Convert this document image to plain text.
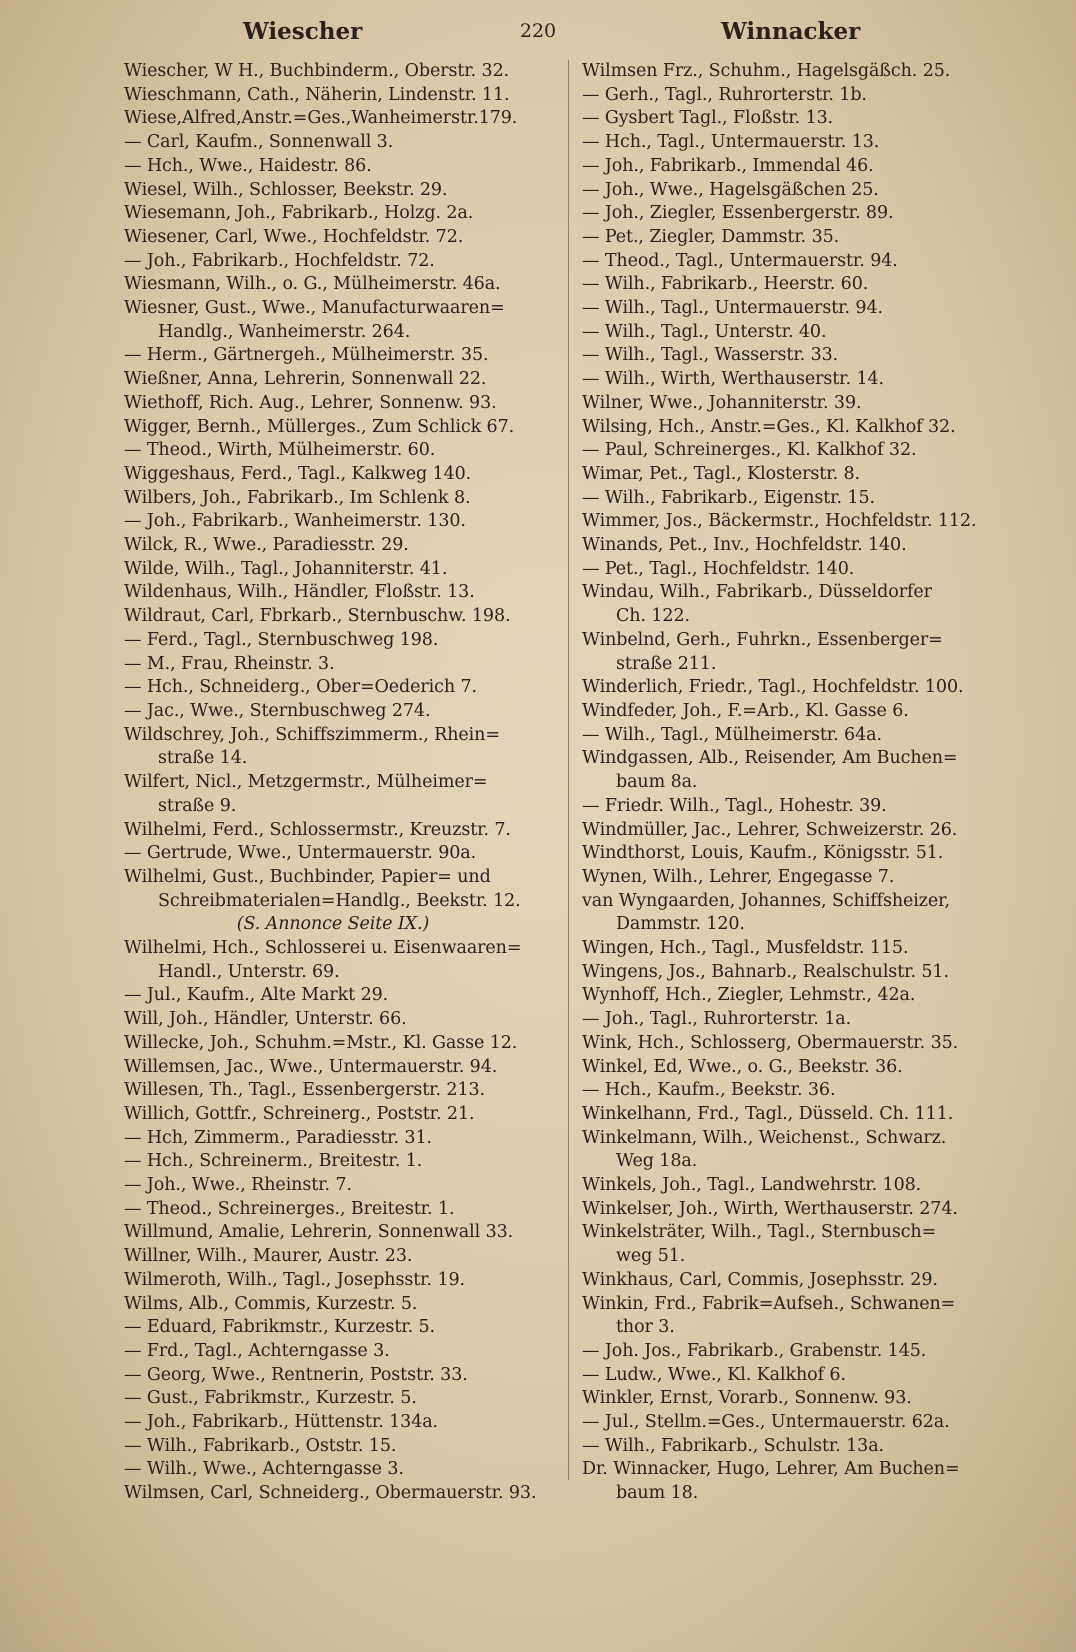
Wiescher	220	Winnacker
Wiescher, W H., Buchbinderm., Oberstr. 32.
Wieschmann, Cath., Näherin, Lindenstr. 11.
Wiese,Alfred,Anstr.=Ges.,Wanheimerstr.179.
— Carl, Kaufm., Sonnenwall 3.
— Hch., Wwe., Haidestr. 86.
Wiesel, Wilh., Schlosser, Beekstr. 29.
Wiesemann, Joh., Fabrikarb., Holzg. 2a.
Wiesener, Carl, Wwe., Hochfeldstr. 72.
— Joh., Fabrikarb., Hochfeldstr. 72.
Wiesmann, Wilh., o. G., Mülheimerstr. 46a.
Wiesner, Gust., Wwe., Manufacturwaaren=
Handlg., Wanheimerstr. 264.
— Herm., Gärtnergeh., Mülheimerstr. 35.
Wießner, Anna, Lehrerin, Sonnenwall 22.
Wiethoff, Rich. Aug., Lehrer, Sonnenw. 93.
Wigger, Bernh., Müllerges., Zum Schlick 67.
— Theod., Wirth, Mülheimerstr. 60.
Wiggeshaus, Ferd., Tagl., Kalkweg 140.
Wilbers, Joh., Fabrikarb., Im Schlenk 8.
— Joh., Fabrikarb., Wanheimerstr. 130.
Wilck, R., Wwe., Paradiesstr. 29.
Wilde, Wilh., Tagl., Johanniterstr. 41.
Wildenhaus, Wilh., Händler, Floßstr. 13.
Wildraut, Carl, Fbrkarb., Sternbuschw. 198.
— Ferd., Tagl., Sternbuschweg 198.
— M., Frau, Rheinstr. 3.
— Hch., Schneiderg., Ober=Oederich 7.
— Jac., Wwe., Sternbuschweg 274.
Wildschrey, Joh., Schiffszimmerm., Rhein=
straße 14.
Wilfert, Nicl., Metzgermstr., Mülheimer=
straße 9.
Wilhelmi, Ferd., Schlossermstr., Kreuzstr. 7.
— Gertrude, Wwe., Untermauerstr. 90a.
Wilhelmi, Gust., Buchbinder, Papier= und
Schreibmaterialen=Handlg., Beekstr. 12.
(S. Annonce Seite IX.)
Wilhelmi, Hch., Schlosserei u. Eisenwaaren=
Handl., Unterstr. 69.
— Jul., Kaufm., Alte Markt 29.
Will, Joh., Händler, Unterstr. 66.
Willecke, Joh., Schuhm.=Mstr., Kl. Gasse 12.
Willemsen, Jac., Wwe., Untermauerstr. 94.
Willesen, Th., Tagl., Essenbergerstr. 213.
Willich, Gottfr., Schreinerg., Poststr. 21.
— Hch, Zimmerm., Paradiesstr. 31.
— Hch., Schreinerm., Breitestr. 1.
— Joh., Wwe., Rheinstr. 7.
— Theod., Schreinerges., Breitestr. 1.
Willmund, Amalie, Lehrerin, Sonnenwall 33.
Willner, Wilh., Maurer, Austr. 23.
Wilmeroth, Wilh., Tagl., Josephsstr. 19.
Wilms, Alb., Commis, Kurzestr. 5.
— Eduard, Fabrikmstr., Kurzestr. 5.
— Frd., Tagl., Achterngasse 3.
— Georg, Wwe., Rentnerin, Poststr. 33.
— Gust., Fabrikmstr., Kurzestr. 5.
— Joh., Fabrikarb., Hüttenstr. 134a.
— Wilh., Fabrikarb., Oststr. 15.
— Wilh., Wwe., Achterngasse 3.
Wilmsen, Carl, Schneiderg., Obermauerstr. 93.
Wilmsen Frz., Schuhm., Hagelsgäßch. 25.
— Gerh., Tagl., Ruhrorterstr. 1b.
— Gysbert Tagl., Floßstr. 13.
— Hch., Tagl., Untermauerstr. 13.
— Joh., Fabrikarb., Immendal 46.
— Joh., Wwe., Hagelsgäßchen 25.
— Joh., Ziegler, Essenbergerstr. 89.
— Pet., Ziegler, Dammstr. 35.
— Theod., Tagl., Untermauerstr. 94.
— Wilh., Fabrikarb., Heerstr. 60.
— Wilh., Tagl., Untermauerstr. 94.
— Wilh., Tagl., Unterstr. 40.
— Wilh., Tagl., Wasserstr. 33.
— Wilh., Wirth, Werthauserstr. 14.
Wilner, Wwe., Johanniterstr. 39.
Wilsing, Hch., Anstr.=Ges., Kl. Kalkhof 32.
— Paul, Schreinerges., Kl. Kalkhof 32.
Wimar, Pet., Tagl., Klosterstr. 8.
— Wilh., Fabrikarb., Eigenstr. 15.
Wimmer, Jos., Bäckermstr., Hochfeldstr. 112.
Winands, Pet., Inv., Hochfeldstr. 140.
— Pet., Tagl., Hochfeldstr. 140.
Windau, Wilh., Fabrikarb., Düsseldorfer
Ch. 122.
Winbelnd, Gerh., Fuhrkn., Essenberger=
straße 211.
Winderlich, Friedr., Tagl., Hochfeldstr. 100.
Windfeder, Joh., F.=Arb., Kl. Gasse 6.
— Wilh., Tagl., Mülheimerstr. 64a.
Windgassen, Alb., Reisender, Am Buchen=
baum 8a.
— Friedr. Wilh., Tagl., Hohestr. 39.
Windmüller, Jac., Lehrer, Schweizerstr. 26.
Windthorst, Louis, Kaufm., Königsstr. 51.
Wynen, Wilh., Lehrer, Engegasse 7.
van Wyngaarden, Johannes, Schiffsheizer,
Dammstr. 120.
Wingen, Hch., Tagl., Musfeldstr. 115.
Wingens, Jos., Bahnarb., Realschulstr. 51.
Wynhoff, Hch., Ziegler, Lehmstr., 42a.
— Joh., Tagl., Ruhrorterstr. 1a.
Wink, Hch., Schlosserg, Obermauerstr. 35.
Winkel, Ed, Wwe., o. G., Beekstr. 36.
— Hch., Kaufm., Beekstr. 36.
Winkelhann, Frd., Tagl., Düsseld. Ch. 111.
Winkelmann, Wilh., Weichenst., Schwarz.
Weg 18a.
Winkels, Joh., Tagl., Landwehrstr. 108.
Winkelser, Joh., Wirth, Werthauserstr. 274.
Winkelsträter, Wilh., Tagl., Sternbusch=
weg 51.
Winkhaus, Carl, Commis, Josephsstr. 29.
Winkin, Frd., Fabrik=Aufseh., Schwanen=
thor 3.
— Joh. Jos., Fabrikarb., Grabenstr. 145.
— Ludw., Wwe., Kl. Kalkhof 6.
Winkler, Ernst, Vorarb., Sonnenw. 93.
— Jul., Stellm.=Ges., Untermauerstr. 62a.
— Wilh., Fabrikarb., Schulstr. 13a.
Dr. Winnacker, Hugo, Lehrer, Am Buchen=
baum 18.
